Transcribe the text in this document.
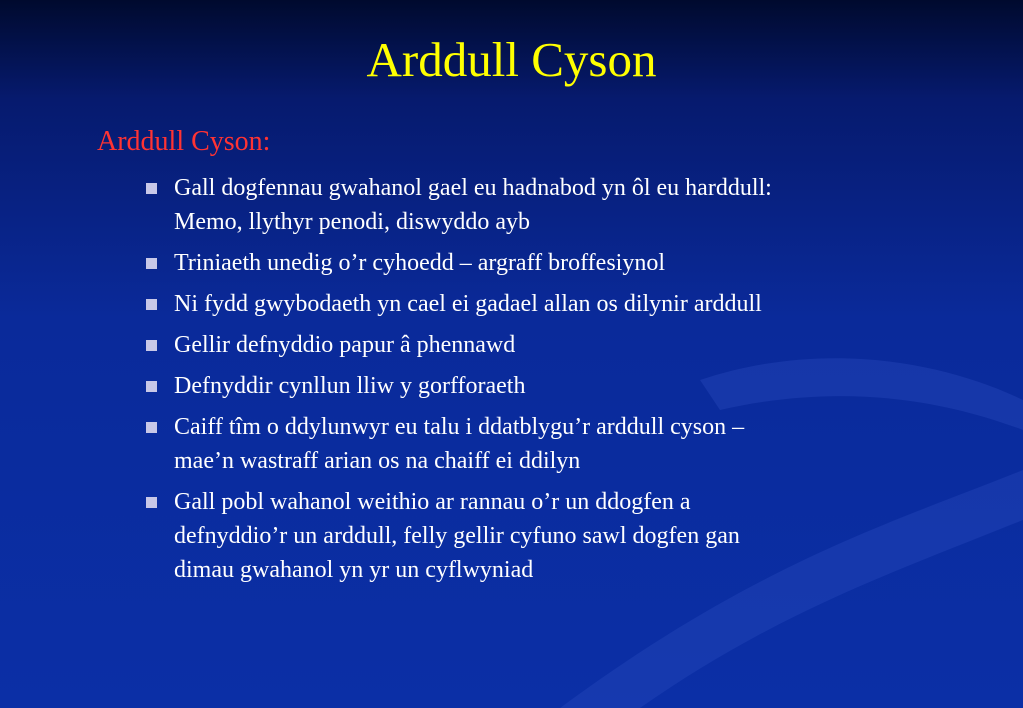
Arddull Cyson

Arddull Cyson:

Gall dogfennau gwahanol gael eu hadnabod yn ôl eu harddull:
Memo, llythyr penodi, diswyddo ayb
Triniaeth unedig o’r cyhoedd – argraff broffesiynol
Ni fydd gwybodaeth yn cael ei gadael allan os dilynir arddull
Gellir defnyddio papur â phennawd
Defnyddir cynllun lliw y gorfforaeth
Caiff tîm o ddylunwyr eu talu i ddatblygu’r arddull cyson –
mae’n wastraff arian os na chaiff ei ddilyn
Gall pobl wahanol weithio ar rannau o’r un ddogfen a
defnyddio’r un arddull, felly gellir cyfuno sawl dogfen gan
dimau gwahanol yn yr un cyflwyniad
